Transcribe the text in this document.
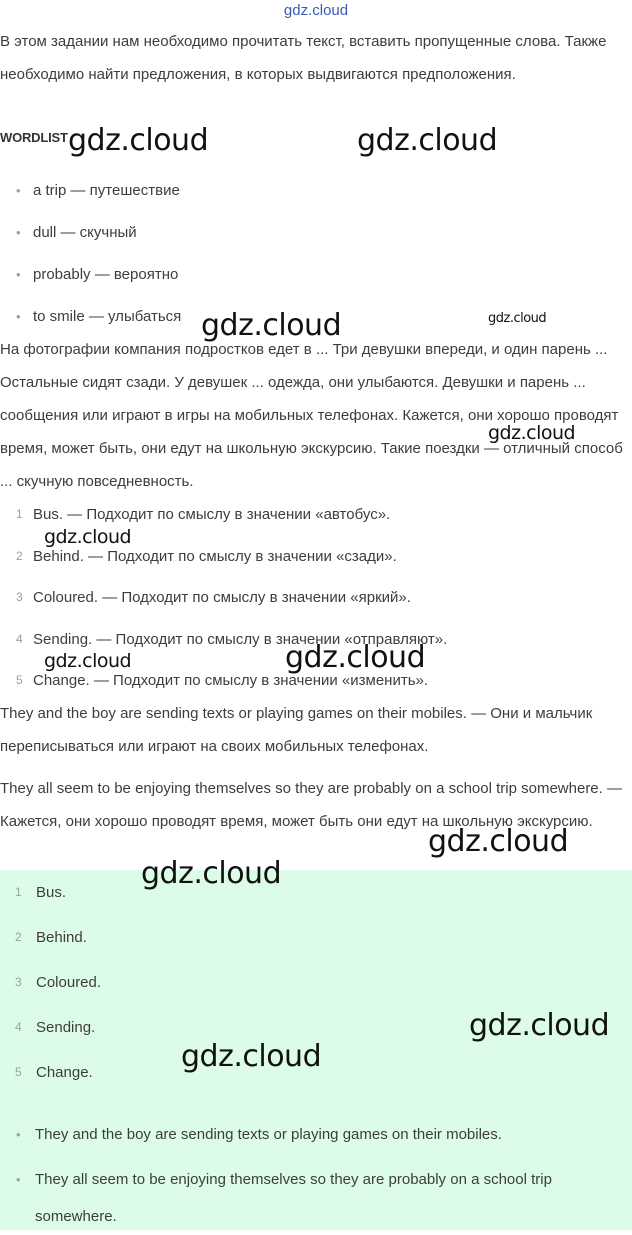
gdz.cloud

В этом задании нам необходимо прочитать текст, вставить пропущенные слова. Также необходимо найти предложения, в которых выдвигаются предположения.

WORDLIST
• a trip — путешествие
• dull — скучный
• probably — вероятно
• to smile — улыбаться

На фотографии компания подростков едет в ... Три девушки впереди, и один парень ... Остальные сидят сзади. У девушек ... одежда, они улыбаются. Девушки и парень ... сообщения или играют в игры на мобильных телефонах. Кажется, они хорошо проводят время, может быть, они едут на школьную экскурсию. Такие поездки — отличный способ ... скучную повседневность.

1 Bus. — Подходит по смыслу в значении «автобус».
2 Behind. — Подходит по смыслу в значении «сзади».
3 Coloured. — Подходит по смыслу в значении «яркий».
4 Sending. — Подходит по смыслу в значении «отправляют».
5 Change. — Подходит по смыслу в значении «изменить».

They and the boy are sending texts or playing games on their mobiles. — Они и мальчик переписываться или играют на своих мобильных телефонах.

They all seem to be enjoying themselves so they are probably on a school trip somewhere. — Кажется, они хорошо проводят время, может быть они едут на школьную экскурсию.

1 Bus.
2 Behind.
3 Coloured.
4 Sending.
5 Change.
• They and the boy are sending texts or playing games on their mobiles.
• They all seem to be enjoying themselves so they are probably on a school trip somewhere.
gdz.cloud	gdz.cloud
gdz.cloud	gdz.cloud
gdz.cloud
gdz.cloud
gdz.cloud	gdz.cloud
gdz.cloud
gdz.cloud
gdz.cloud
gdz.cloud
